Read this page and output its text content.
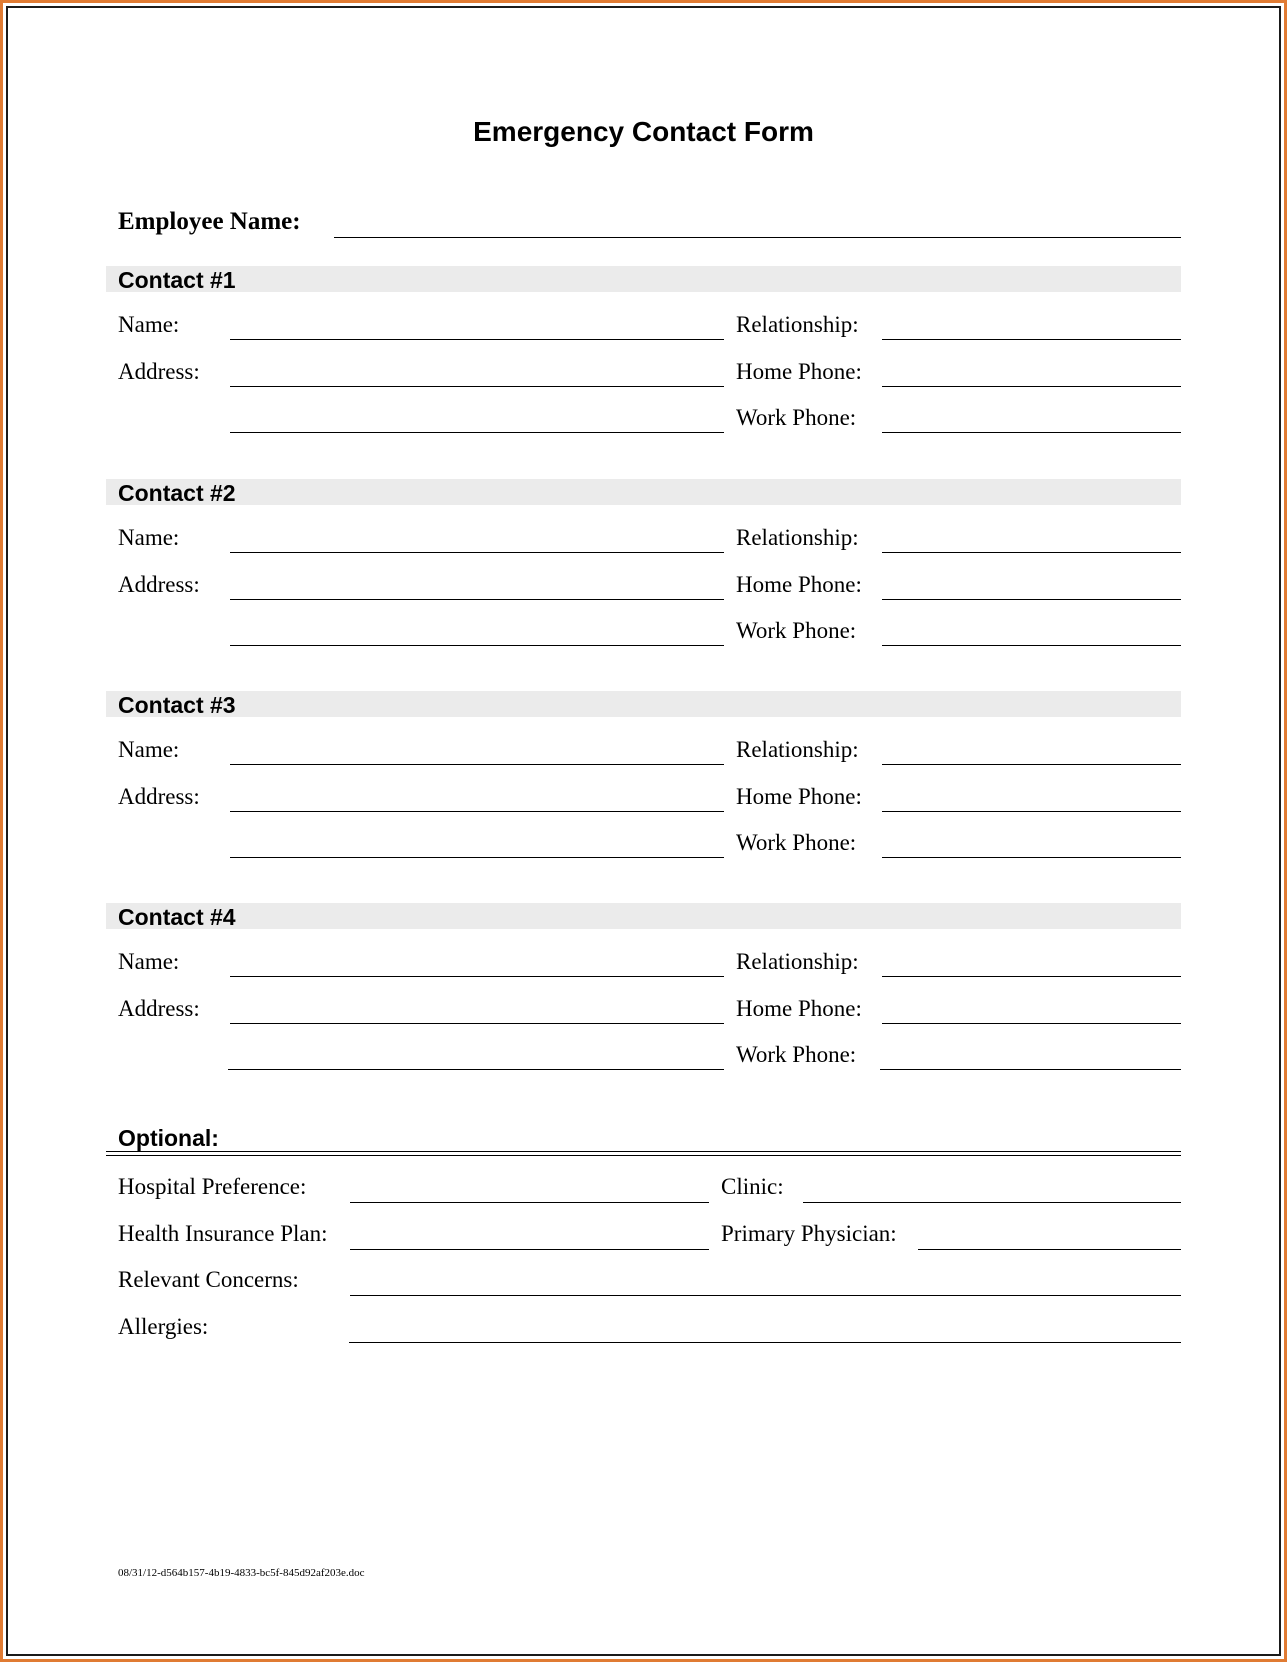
Emergency Contact Form
Employee Name:
Contact #1
Name:	Relationship:
Address:	Home Phone:
Work Phone:
Contact #2
Name:	Relationship:
Address:	Home Phone:
Work Phone:
Contact #3
Name:	Relationship:
Address:	Home Phone:
Work Phone:
Contact #4
Name:	Relationship:
Address:	Home Phone:
Work Phone:
Optional:
Hospital Preference:	Clinic:
Health Insurance Plan:	Primary Physician:
Relevant Concerns:
Allergies:
08/31/12-d564b157-4b19-4833-bc5f-845d92af203e.doc
